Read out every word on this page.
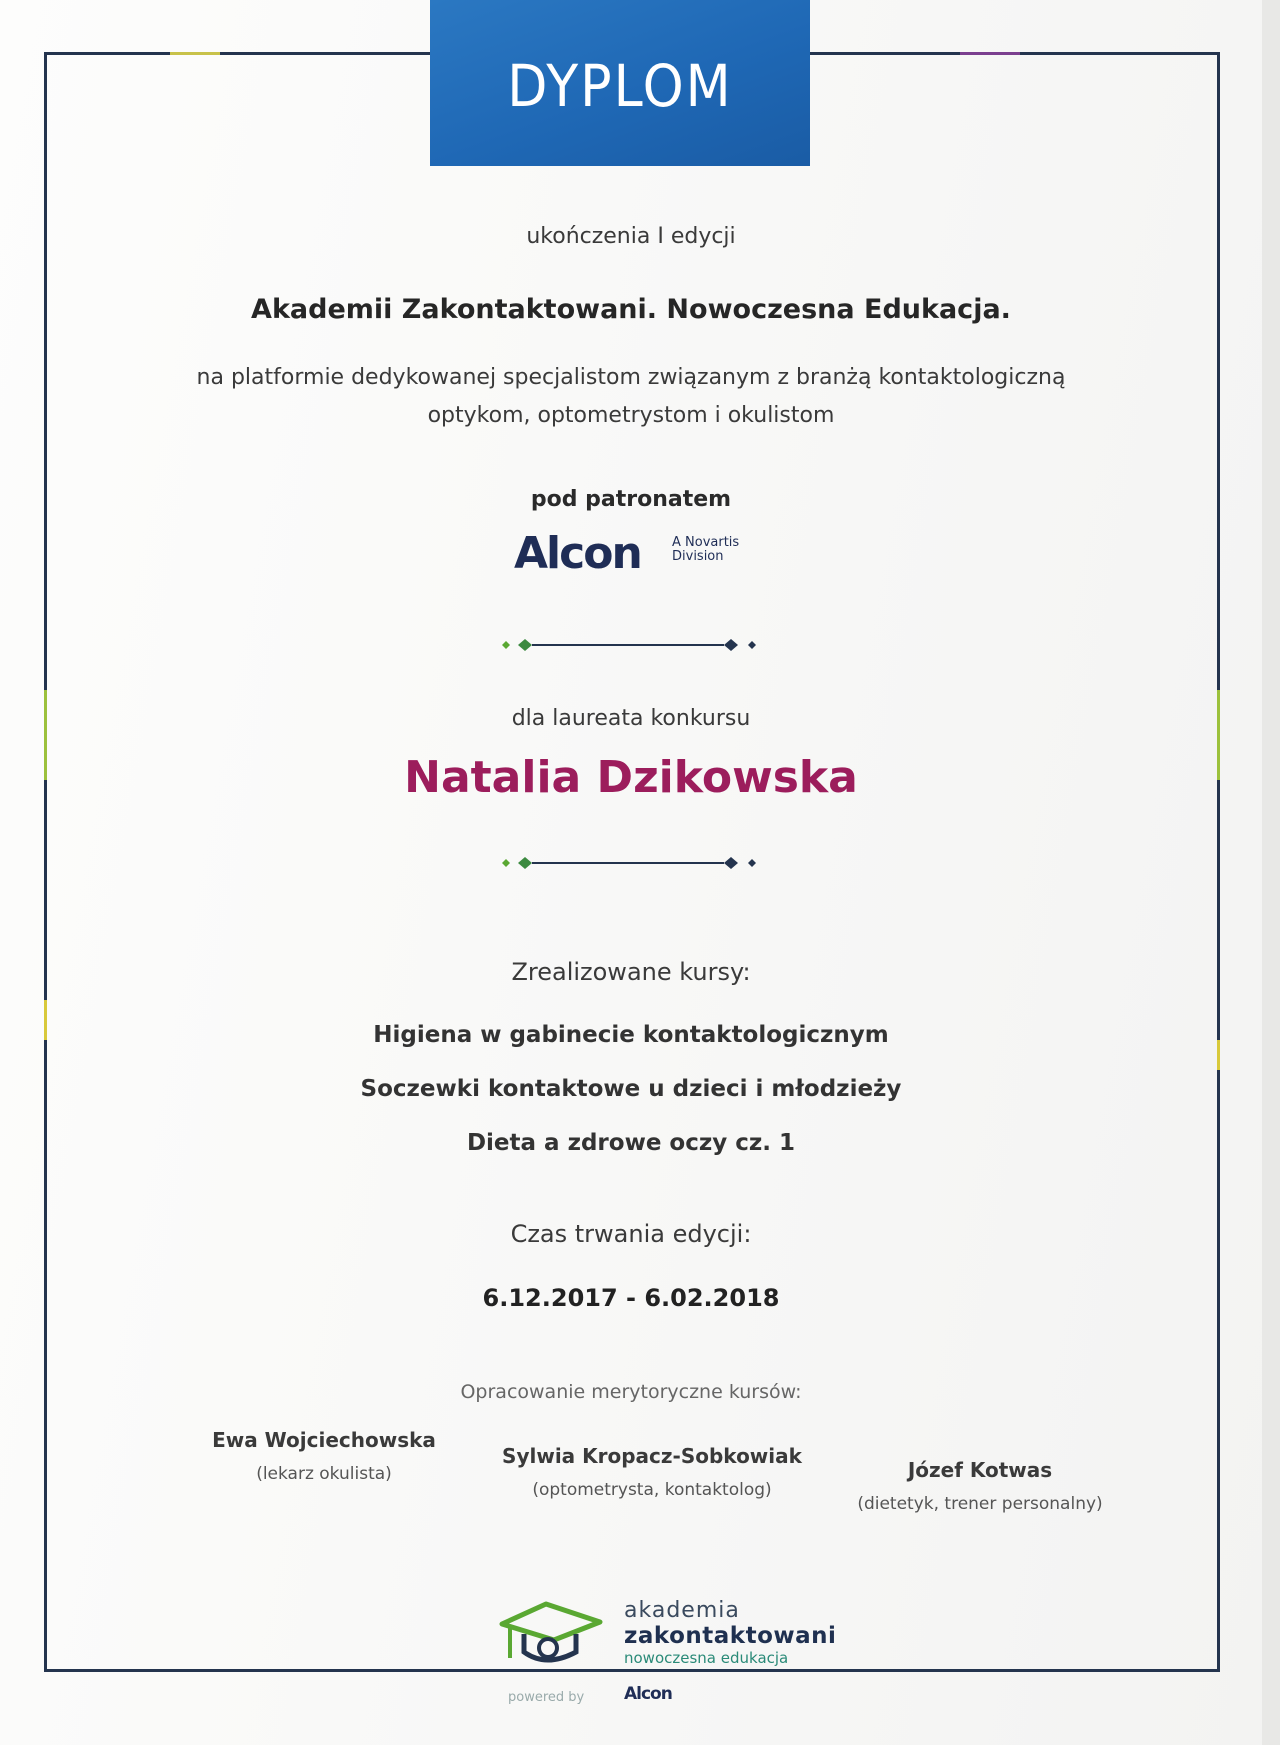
DYPLOM
ukończenia I edycji
Akademii Zakontaktowani. Nowoczesna Edukacja.
na platformie dedykowanej specjalistom związanym z branżą kontaktologiczną
optykom, optometrystom i okulistom
pod patronatem
Alcon A Novartis
Division
dla laureata konkursu
Natalia Dzikowska
Zrealizowane kursy:
Higiena w gabinecie kontaktologicznym
Soczewki kontaktowe u dzieci i młodzieży
Dieta a zdrowe oczy cz. 1
Czas trwania edycji:
6.12.2017 - 6.02.2018
Opracowanie merytoryczne kursów:
Ewa Wojciechowska
(lekarz okulista)
Sylwia Kropacz-Sobkowiak
(optometrysta, kontaktolog)
Józef Kotwas
(dietetyk, trener personalny)
akademia
zakontaktowani
nowoczesna edukacja
powered by Alcon
